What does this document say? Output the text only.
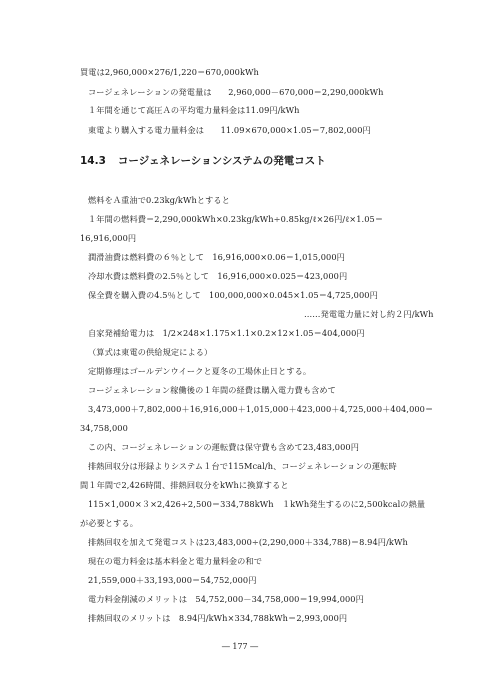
買電は2,960,000×276/1,220＝670,000kWh
コージェネレーションの発電量は　　2,960,000－670,000＝2,290,000kWh
１年間を通じて高圧Ａの平均電力量料金は11.09円/kWh
東電より購入する電力量料金は　　11.09×670,000×1.05＝7,802,000円
14.3 コージェネレーションシステムの発電コスト
燃料をＡ重油で0.23kg/kWhとすると
１年間の燃料費＝2,290,000kWh×0.23kg/kWh÷0.85kg/ℓ×26円/ℓ×1.05＝
16,916,000円
潤滑油費は燃料費の６％として　16,916,000×0.06＝1,015,000円
冷却水費は燃料費の2.5％として　16,916,000×0.025＝423,000円
保全費を購入費の4.5％として　100,000,000×0.045×1.05＝4,725,000円
……発電電力量に対し約２円/kWh
自家発補給電力は　1/2×248×1.175×1.1×0.2×12×1.05＝404,000円
（算式は東電の供給規定による）
定期修理はゴールデンウイークと夏冬の工場休止日とする。
コージェネレーション稼働後の１年間の経費は購入電力費も含めて
3,473,000＋7,802,000＋16,916,000＋1,015,000＋423,000＋4,725,000＋404,000＝
34,758,000
この内、コージェネレーションの運転費は保守費も含めて23,483,000円
排熱回収分は形録よりシステム１台で115Mcal/h、コージェネレーションの運転時
間１年間で2,426時間、排熱回収分をkWhに換算すると
115×1,000×３×2,426÷2,500＝334,788kWh　１kWh発生するのに2,500kcalの熱量
が必要とする。
排熱回収を加えて発電コストは23,483,000÷(2,290,000＋334,788)＝8.94円/kWh
現在の電力料金は基本料金と電力量料金の和で
21,559,000＋33,193,000＝54,752,000円
電力料金削減のメリットは　54,752,000－34,758,000＝19,994,000円
排熱回収のメリットは　8.94円/kWh×334,788kWh＝2,993,000円
― 177 ―
